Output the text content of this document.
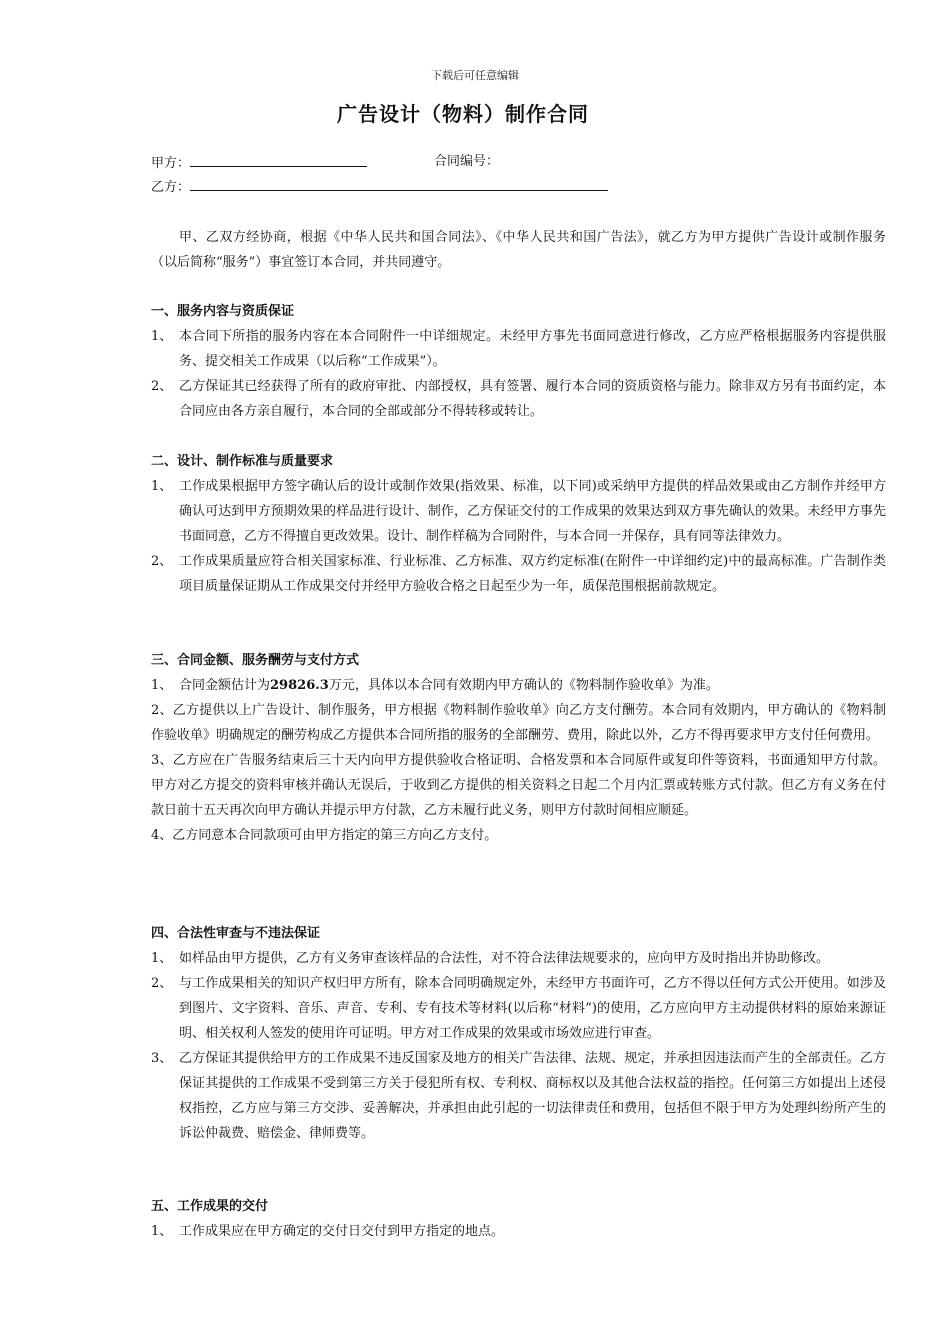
下载后可任意编辑
广告设计（物料）制作合同
甲方：	合同编号：
乙方：

甲、乙双方经协商，根据《中华人民共和国合同法》、《中华人民共和国广告法》，就乙方为甲方提供广告设计或制作服务（以后简称“服务”）事宜签订本合同，并共同遵守。

一、服务内容与资质保证

1、 本合同下所指的服务内容在本合同附件一中详细规定。未经甲方事先书面同意进行修改，乙方应严格根据服务内容提供服务、提交相关工作成果（以后称“工作成果”）。

2、 乙方保证其已经获得了所有的政府审批、内部授权，具有签署、履行本合同的资质资格与能力。除非双方另有书面约定，本合同应由各方亲自履行，本合同的全部或部分不得转移或转让。

二、设计、制作标准与质量要求

1、 工作成果根据甲方签字确认后的设计或制作效果(指效果、标准，以下同)或采纳甲方提供的样品效果或由乙方制作并经甲方确认可达到甲方预期效果的样品进行设计、制作，乙方保证交付的工作成果的效果达到双方事先确认的效果。未经甲方事先书面同意，乙方不得擅自更改效果。设计、制作样稿为合同附件，与本合同一并保存，具有同等法律效力。

2、 工作成果质量应符合相关国家标准、行业标准、乙方标准、双方约定标准(在附件一中详细约定)中的最高标准。广告制作类项目质量保证期从工作成果交付并经甲方验收合格之日起至少为一年，质保范围根据前款规定。

三、合同金额、服务酬劳与支付方式

1、 合同金额估计为29826.3万元，具体以本合同有效期内甲方确认的《物料制作验收单》为准。

2、乙方提供以上广告设计、制作服务，甲方根据《物料制作验收单》向乙方支付酬劳。本合同有效期内，甲方确认的《物料制作验收单》明确规定的酬劳构成乙方提供本合同所指的服务的全部酬劳、费用，除此以外，乙方不得再要求甲方支付任何费用。

3、乙方应在广告服务结束后三十天内向甲方提供验收合格证明、合格发票和本合同原件或复印件等资料，书面通知甲方付款。甲方对乙方提交的资料审核并确认无误后，于收到乙方提供的相关资料之日起二个月内汇票或转账方式付款。但乙方有义务在付款日前十五天再次向甲方确认并提示甲方付款，乙方未履行此义务，则甲方付款时间相应顺延。

4、乙方同意本合同款项可由甲方指定的第三方向乙方支付。

四、合法性审查与不违法保证

1、 如样品由甲方提供，乙方有义务审查该样品的合法性，对不符合法律法规要求的，应向甲方及时指出并协助修改。

2、 与工作成果相关的知识产权归甲方所有，除本合同明确规定外，未经甲方书面许可，乙方不得以任何方式公开使用。如涉及到图片、文字资料、音乐、声音、专利、专有技术等材料(以后称“材料”)的使用，乙方应向甲方主动提供材料的原始来源证明、相关权利人签发的使用许可证明。甲方对工作成果的效果或市场效应进行审查。

3、 乙方保证其提供给甲方的工作成果不违反国家及地方的相关广告法律、法规、规定，并承担因违法而产生的全部责任。乙方保证其提供的工作成果不受到第三方关于侵犯所有权、专利权、商标权以及其他合法权益的指控。任何第三方如提出上述侵权指控，乙方应与第三方交涉、妥善解决，并承担由此引起的一切法律责任和费用，包括但不限于甲方为处理纠纷所产生的诉讼仲裁费、赔偿金、律师费等。

五、工作成果的交付

1、 工作成果应在甲方确定的交付日交付到甲方指定的地点。
